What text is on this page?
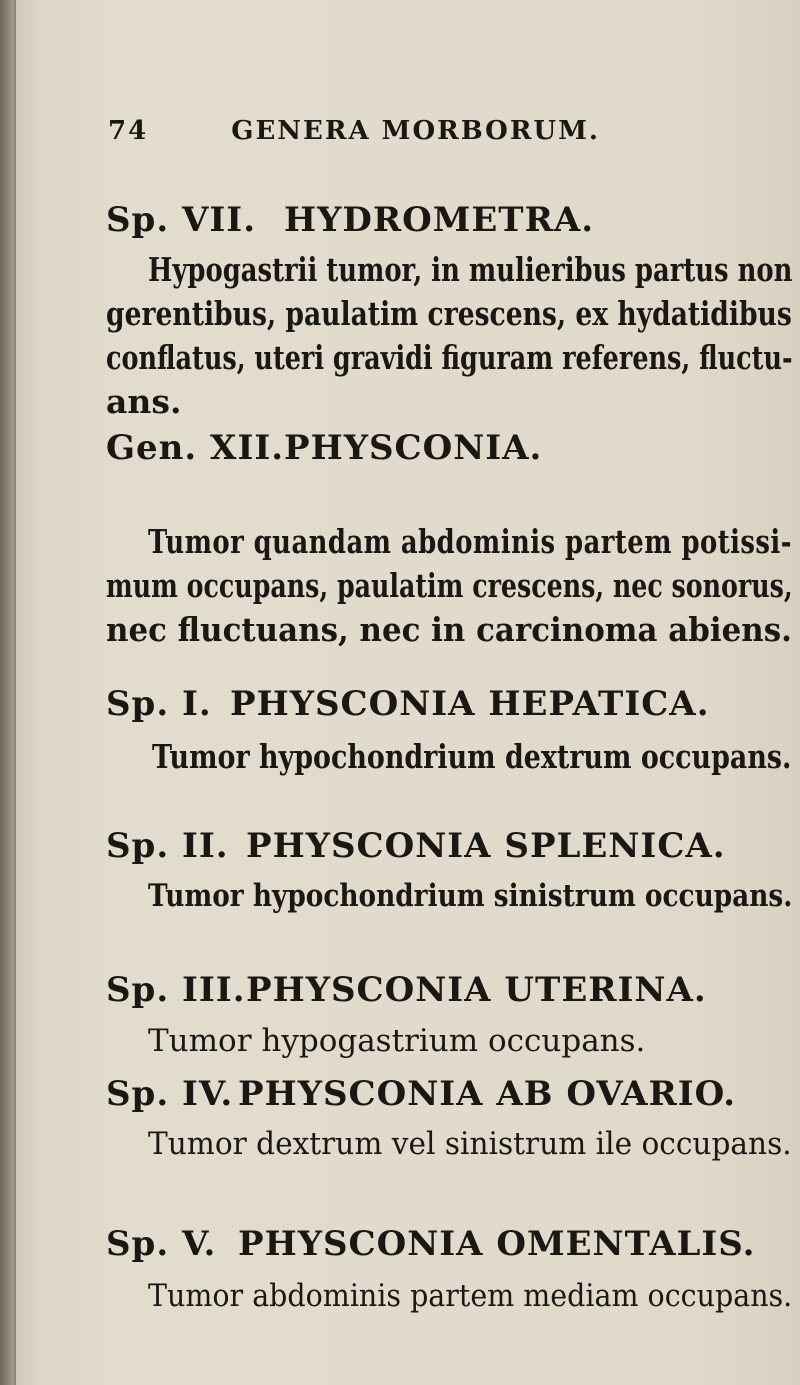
74	GENERA MORBORUM.
Sp. VII. HYDROMETRA.
Hypogastrii tumor, in mulieribus partus non
gerentibus, paulatim crescens, ex hydatidibus
conflatus, uteri gravidi figuram referens, fluctu-
ans.
Gen. XII.PHYSCONIA.
Tumor quandam abdominis partem potissi-
mum occupans, paulatim crescens, nec sonorus,
nec fluctuans, nec in carcinoma abiens.
Sp. I. PHYSCONIA HEPATICA.
Tumor hypochondrium dextrum occupans.
Sp. II. PHYSCONIA SPLENICA.
Tumor hypochondrium sinistrum occupans.
Sp. III.PHYSCONIA UTERINA.
Tumor hypogastrium occupans.
Sp. IV. PHYSCONIA AB OVARIO.
Tumor dextrum vel sinistrum ile occupans.
Sp. V. PHYSCONIA OMENTALIS.
Tumor abdominis partem mediam occupans.
